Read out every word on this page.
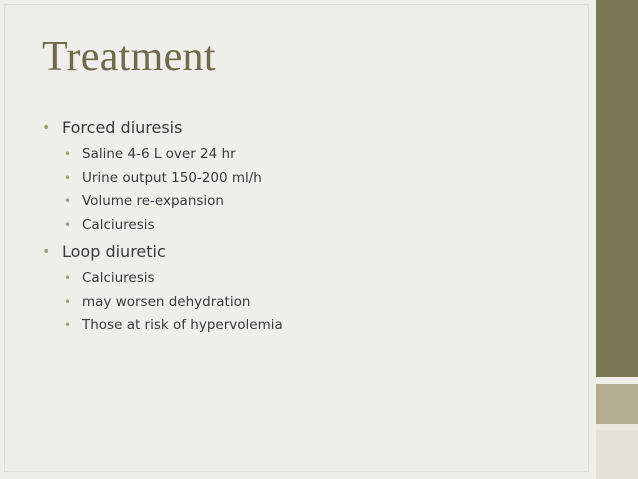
Treatment
• Forced diuresis
• Saline 4-6 L over 24 hr
• Urine output 150-200 ml/h
• Volume re-expansion
• Calciuresis
• Loop diuretic
• Calciuresis
• may worsen dehydration
• Those at risk of hypervolemia
